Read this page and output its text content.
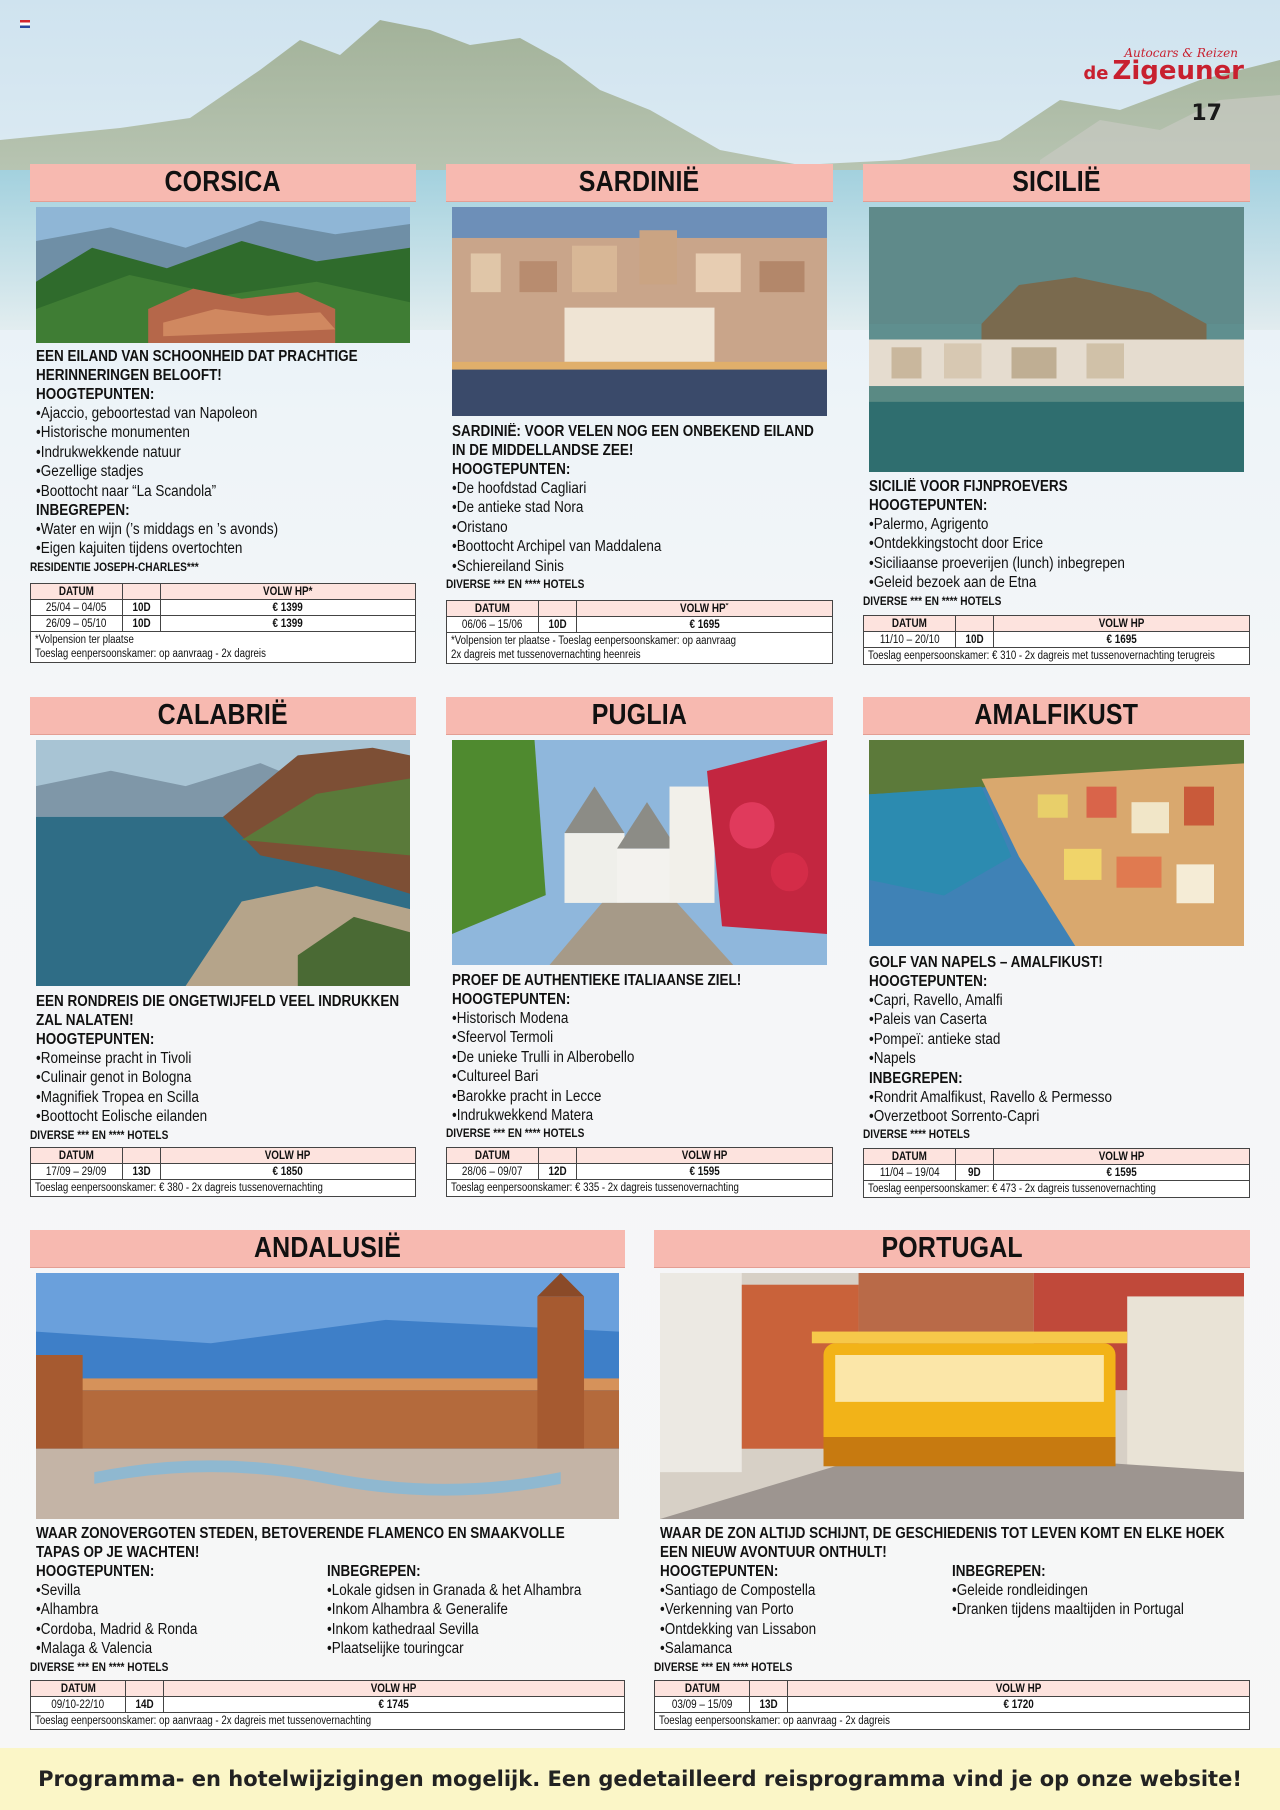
Autocars & Reizen
de Zigeuner
17
CORSICA
EEN EILAND VAN SCHOONHEID DAT PRACHTIGE
HERINNERINGEN BELOOFT!
HOOGTEPUNTEN:
•Ajaccio, geboortestad van Napoleon
•Historische monumenten
•Indrukwekkende natuur
•Gezellige stadjes
•Boottocht naar “La Scandola”
INBEGREPEN:
•Water en wijn (’s middags en ’s avonds)
•Eigen kajuiten tijdens overtochten
RESIDENTIE JOSEPH-CHARLES***
DATUM	VOLW HP*
25/04 – 04/05 10D	€ 1399
26/09 – 05/10 10D	€ 1399
*Volpension ter plaatse
Toeslag eenpersoonskamer: op aanvraag - 2x dagreis
SARDINIË
SARDINIË: VOOR VELEN NOG EEN ONBEKEND EILAND
IN DE MIDDELLANDSE ZEE!
HOOGTEPUNTEN:
•De hoofdstad Cagliari
•De antieke stad Nora
•Oristano
•Boottocht Archipel van Maddalena
•Schiereiland Sinis
DIVERSE *** EN **** HOTELS
DATUM	VOLW HP˚
06/06 – 15/06 10D	€ 1695
*Volpension ter plaatse - Toeslag eenpersoonskamer: op aanvraag
2x dagreis met tussenovernachting heenreis
SICILIË
SICILIË VOOR FIJNPROEVERS
HOOGTEPUNTEN:
•Palermo, Agrigento
•Ontdekkingstocht door Erice
•Siciliaanse proeverijen (lunch) inbegrepen
•Geleid bezoek aan de Etna
DIVERSE *** EN **** HOTELS
DATUM	VOLW HP
11/10 – 20/10 10D	€ 1695
Toeslag eenpersoonskamer: € 310 - 2x dagreis met tussenovernachting terugreis
CALABRIË
EEN RONDREIS DIE ONGETWIJFELD VEEL INDRUKKEN
ZAL NALATEN!
HOOGTEPUNTEN:
•Romeinse pracht in Tivoli
•Culinair genot in Bologna
•Magnifiek Tropea en Scilla
•Boottocht Eolische eilanden
DIVERSE *** EN **** HOTELS
DATUM	VOLW HP
17/09 – 29/09 13D	€ 1850
Toeslag eenpersoonskamer: € 380 - 2x dagreis tussenovernachting
PUGLIA
PROEF DE AUTHENTIEKE ITALIAANSE ZIEL!
HOOGTEPUNTEN:
•Historisch Modena
•Sfeervol Termoli
•De unieke Trulli in Alberobello
•Cultureel Bari
•Barokke pracht in Lecce
•Indrukwekkend Matera
DIVERSE *** EN **** HOTELS
DATUM	VOLW HP
28/06 – 09/07 12D	€ 1595
Toeslag eenpersoonskamer: € 335 - 2x dagreis tussenovernachting
AMALFIKUST
GOLF VAN NAPELS – AMALFIKUST!
HOOGTEPUNTEN:
•Capri, Ravello, Amalfi
•Paleis van Caserta
•Pompeï: antieke stad
•Napels
INBEGREPEN:
•Rondrit Amalfikust, Ravello & Permesso
•Overzetboot Sorrento-Capri
DIVERSE **** HOTELS
DATUM	VOLW HP
11/04 – 19/04	9D	€ 1595
Toeslag eenpersoonskamer: € 473 - 2x dagreis tussenovernachting
ANDALUSIË
WAAR ZONOVERGOTEN STEDEN, BETOVERENDE FLAMENCO EN SMAAKVOLLE
TAPAS OP JE WACHTEN!
HOOGTEPUNTEN:
•Sevilla
•Alhambra
•Cordoba, Madrid & Ronda
•Malaga & Valencia
INBEGREPEN:
•Lokale gidsen in Granada & het Alhambra
•Inkom Alhambra & Generalife
•Inkom kathedraal Sevilla
•Plaatselijke touringcar
DIVERSE *** EN **** HOTELS
DATUM	VOLW HP
09/10-22/10	14D	€ 1745
Toeslag eenpersoonskamer: op aanvraag - 2x dagreis met tussenovernachting
PORTUGAL
WAAR DE ZON ALTIJD SCHIJNT, DE GESCHIEDENIS TOT LEVEN KOMT EN ELKE HOEK
EEN NIEUW AVONTUUR ONTHULT!
HOOGTEPUNTEN:
•Santiago de Compostella
•Verkenning van Porto
•Ontdekking van Lissabon
•Salamanca
INBEGREPEN:
•Geleide rondleidingen
•Dranken tijdens maaltijden in Portugal
DIVERSE *** EN **** HOTELS
DATUM	VOLW HP
03/09 – 15/09 13D	€ 1720
Toeslag eenpersoonskamer: op aanvraag - 2x dagreis
Programma- en hotelwijzigingen mogelijk. Een gedetailleerd reisprogramma vind je op onze website!
